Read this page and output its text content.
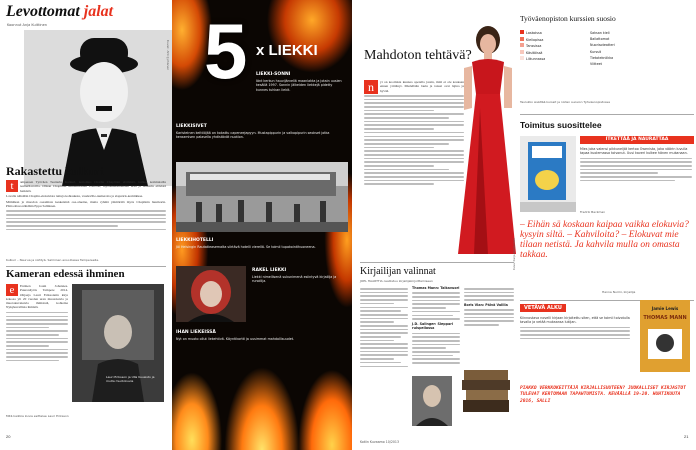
Levottomat jalat
Koonnut Anja Kuittinen
Kuvat: Ahti Jylhänen
Rakastettu kulkuri
t	ampereen Työväen Teatterin Kulkuri, kertomus Charlie Chaplinin elämästä, kulkee kotimaisilla teatterilavoilla. Ollaan Chaplinin suurenmoisen Lontoon, myöhäiskäsitteiden uran ja teatterin elävistä hetkistä.

Lavalla nähdään Chaplin-elokuvista tuttuja kohtauksia, vaudeville-numeroita ja slapstick-komiikkaa.

Mimiikan ja muodon osaamista keskeisinä osa-alueina, mutta ryhmä ymmärtää myös Chaplinin huumorin. Pääroolissa nähdään Eppu Salminen.

Kulkuri – Naurua ja nähtyä. Salminen ensi-illassa Tampereella.
Kameran edessä ihminen
e	Entinen Jouni Johannes. Puuronäytös Tampere 2014. Ohjaaja Lauri Eriksonnin kirja kokoaa yli 20 vuoden uran muotokuvia ja muotokuvakuvia ihmisistä, kohteina Nykykuvallisia ihmisiä.

Lauri Eriksson ja Ulla Kuusisto ja muita muotokuvia
Mitä kaikkia kuvia esittelee Lauri Eriksson
20
5 x LIEKKI
LIEKKI-SONNI
Iänt kerkun hauvijärvellä maanlakta ja jotain uusien kesällä 1997. Sonnin jälkeiden liekkejä pidetty kunnes tuhkan liekit.
LIEKKISIVET
Karisteinen keittiöjää on kokattu capeneejapyyn. Mustapippurin ja valkopipurin seokset jotka keraamisen palasella yhdistävät nuotion.
LIEKKIHOTELLI
Jäi Helsingin Rautatieasemalta siirtävä hotelli vierellä. Se toimii tupakointihuoneena.
RAKEL LIEKKI
Liekki nimellisenä sukunimenä esiintyvä kirjailija ja runoilija.
IHAN LIEKEISSÄ
Nyt on muoto ollut liekehtivä. Käyntikortti ja uusimmat mahdollisuudet.
Mahdoton tehtävä?
n	yt on koomista kuunaa opetella jotain, mitä ei ole koskaan ennen yrittänyt. Mielellään laulu ja tanssi ovat lajina ja hyvää.

Kuva: Kaija Karjalainen
Kirjailijan valinnat
JOEL HAARTTIA osallistuu kirjailijakirjoittamiseen
Thomas Mann: Taikavuori
J.D. Salinger: Sieppari ruispellossa
Boris Vian: Päivä Vallila
Kotiin Kuvaamo 10/2013
Työväenopiston kurssien suosio
Laskoissa
Kieliopissa
Tanssissa
Käsitöissä
Liikunnassa
Saksan kieli
Bailattomat
Nuorisoteatteri
Kurssit
Tietotekniikka
Viitteet
Taulukko sisältää kurssit ja niiden suosion Työväenopistossa
Toimitus suosittelee
ITKETTÄÄ JA NAURATTAA
Mies joka vaiensi pikkuneljät kertoo Owenista, joka väärin luvulla tapaa kuolemassa toivonut. Uusi kaveri kulkee hänen mukanaan.
Fredrik Backman
– Eihän sä koskaan kaipaa vaikka elokuvia? kysyin siltä. – Kahviloita? – Elokuvat mie tilaan netistä. Ja kahvila mulla on omasta takkaa.
Hanna Nurmi, kirjailija
VETÄVÄ ALKU
Kiinnostava novelli kirjaan kirjoitettu siten, että se toimii toivotulla tavalla ja vetää mukaansa lukijan.
Jamie Lewis
THOMAS MANN
PIAKKO VERKKOKEITTÄJÄ KIRJALLISUUTEEN? JUOKALLISET KIRJASTOT TULEVAT KERTOMAAN TAPAHTUMISTA. KEVÄÄLLÄ 19-20. HUHTIKUUTA 2016, SALLI
21
